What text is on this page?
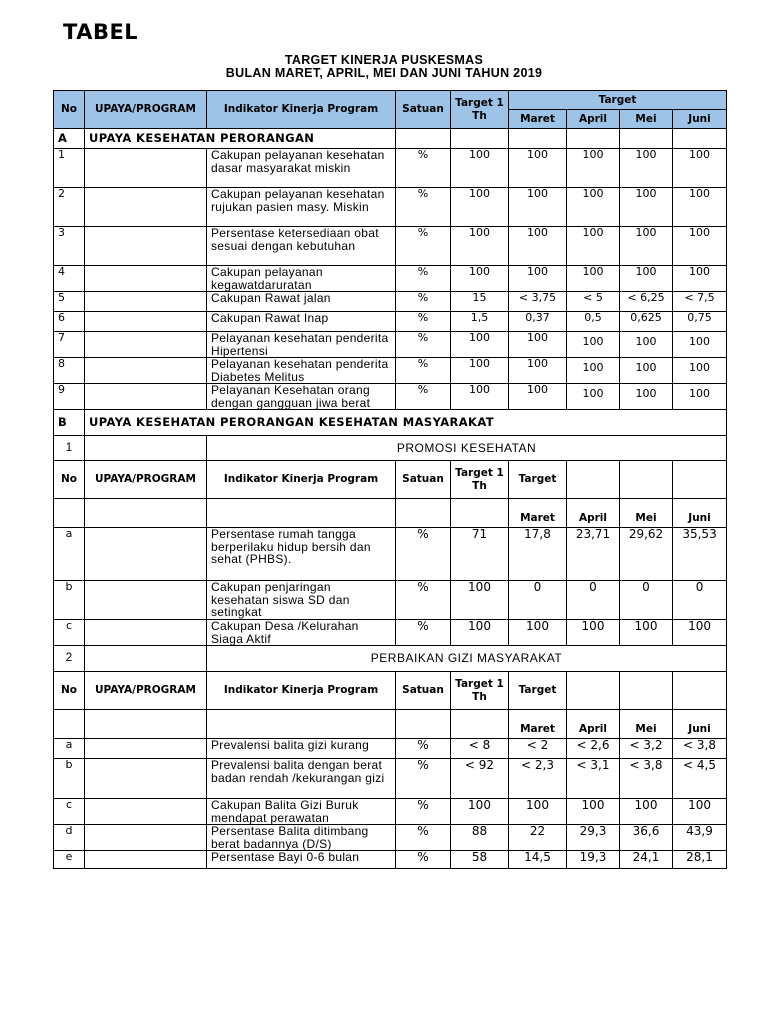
TABEL
TARGET KINERJA PUSKESMAS
BULAN MARET, APRIL, MEI DAN JUNI TAHUN 2019
No	UPAYA/PROGRAM	Indikator Kinerja Program	Satuan	Target 1 Th	Target			
					Maret	April	Mei	Juni
A	UPAYA KESEHATAN PERORANGAN							
1		Cakupan pelayanan kesehatan dasar masyarakat miskin	%	100	100	100	100	100
2		Cakupan pelayanan kesehatan rujukan pasien masy. Miskin	%	100	100	100	100	100
3		Persentase ketersediaan obat sesuai dengan kebutuhan	%	100	100	100	100	100
4		Cakupan pelayanan kegawatdaruratan	%	100	100	100	100	100
5		Cakupan Rawat jalan	%	15	< 3,75	< 5	< 6,25	< 7,5
6		Cakupan Rawat Inap	%	1,5	0,37	0,5	0,625	0,75
7		Pelayanan kesehatan penderita Hipertensi	%	100	100	100	100	100
8		Pelayanan kesehatan penderita Diabetes Melitus	%	100	100	100	100	100
9		Pelayanan Kesehatan orang dengan gangguan jiwa berat	%	100	100	100	100	100
B	UPAYA KESEHATAN PERORANGAN KESEHATAN MASYARAKAT							
1		PROMOSI KESEHATAN						
No	UPAYA/PROGRAM	Indikator Kinerja Program	Satuan	Target 1 Th	Target			
					Maret	April	Mei	Juni
a		Persentase rumah tangga berperilaku hidup bersih dan sehat (PHBS).	%	71	17,8	23,71	29,62	35,53
b		Cakupan penjaringan kesehatan siswa SD dan setingkat	%	100	0	0	0	0
c		Cakupan Desa /Kelurahan Siaga Aktif	%	100	100	100	100	100
2		PERBAIKAN GIZI MASYARAKAT						
No	UPAYA/PROGRAM	Indikator Kinerja Program	Satuan	Target 1 Th	Target			
					Maret	April	Mei	Juni
a		Prevalensi balita gizi kurang	%	< 8	< 2	< 2,6	< 3,2	< 3,8
b		Prevalensi balita dengan berat badan rendah /kekurangan gizi	%	< 92	< 2,3	< 3,1	< 3,8	< 4,5
c		Cakupan Balita Gizi Buruk mendapat perawatan	%	100	100	100	100	100
d		Persentase Balita ditimbang berat badannya (D/S)	%	88	22	29,3	36,6	43,9
e		Persentase Bayi 0-6 bulan	%	58	14,5	19,3	24,1	28,1
